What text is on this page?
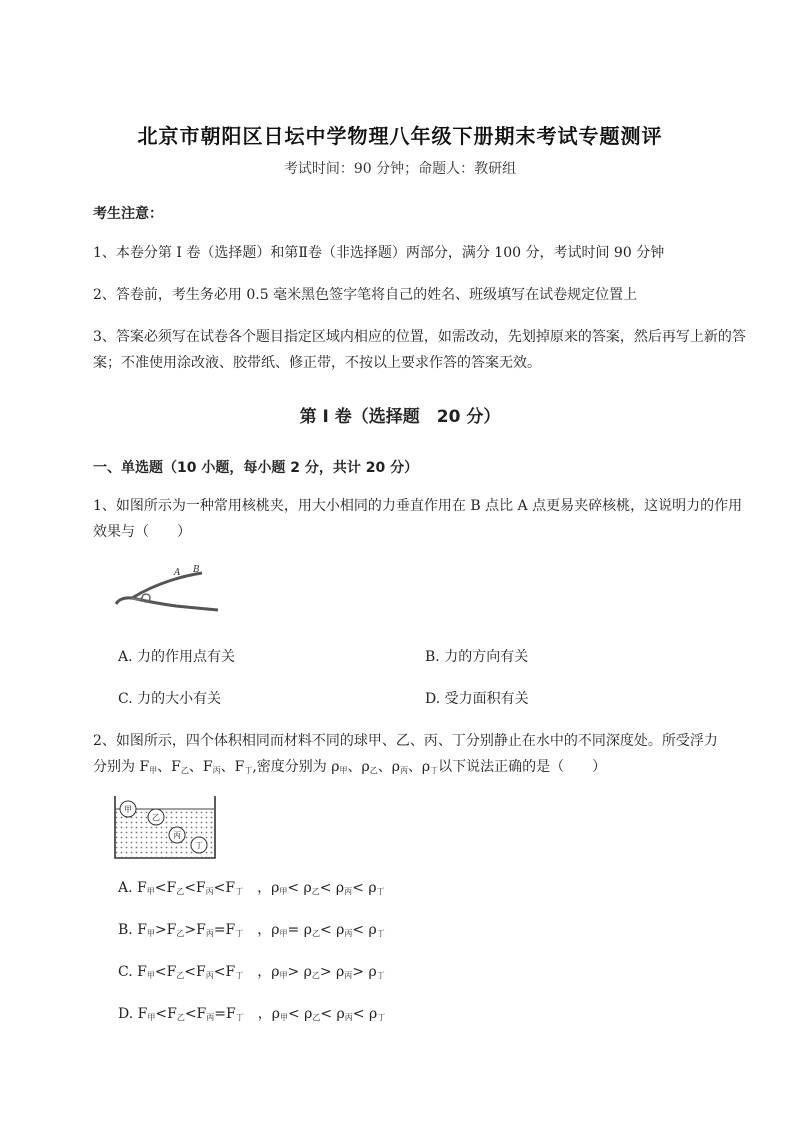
北京市朝阳区日坛中学物理八年级下册期末考试专题测评
考试时间：90 分钟；命题人：教研组
考生注意：
1、本卷分第 I 卷（选择题）和第Ⅱ卷（非选择题）两部分，满分 100 分，考试时间 90 分钟
2、答卷前，考生务必用 0.5 毫米黑色签字笔将自己的姓名、班级填写在试卷规定位置上
3、答案必须写在试卷各个题目指定区域内相应的位置，如需改动，先划掉原来的答案，然后再写上新的答案；不准使用涂改液、胶带纸、修正带，不按以上要求作答的答案无效。
第 I 卷（选择题　20 分）
一、单选题（10 小题，每小题 2 分，共计 20 分）
1、如图所示为一种常用核桃夹，用大小相同的力垂直作用在 B 点比 A 点更易夹碎核桃，这说明力的作用效果与（　　）
A B
A. 力的作用点有关	B. 力的方向有关
C. 力的大小有关	D. 受力面积有关
2、如图所示，四个体积相同而材料不同的球甲、乙、丙、丁分别静止在水中的不同深度处。所受浮力
分别为 $F_甲$、$F_乙$、$F_丙$、$F_丁$,密度分别为 $\rho_甲$、$\rho_乙$、$\rho_丙$、$\rho_丁$以下说法正确的是（　　）
甲
乙
丙
丁
A. $F_甲<F_乙<F_丙<F_丁$　 ，$\rho_甲< \rho_乙< \rho_丙< \rho_丁$
B. $F_甲>F_乙>F_丙=F_丁$　 ，$\rho_甲= \rho_乙< \rho_丙< \rho_丁$
C. $F_甲<F_乙<F_丙<F_丁$　 ，$\rho_甲> \rho_乙> \rho_丙> \rho_丁$
D. $F_甲<F_乙<F_丙=F_丁$　 ，$\rho_甲< \rho_乙< \rho_丙< \rho_丁$
